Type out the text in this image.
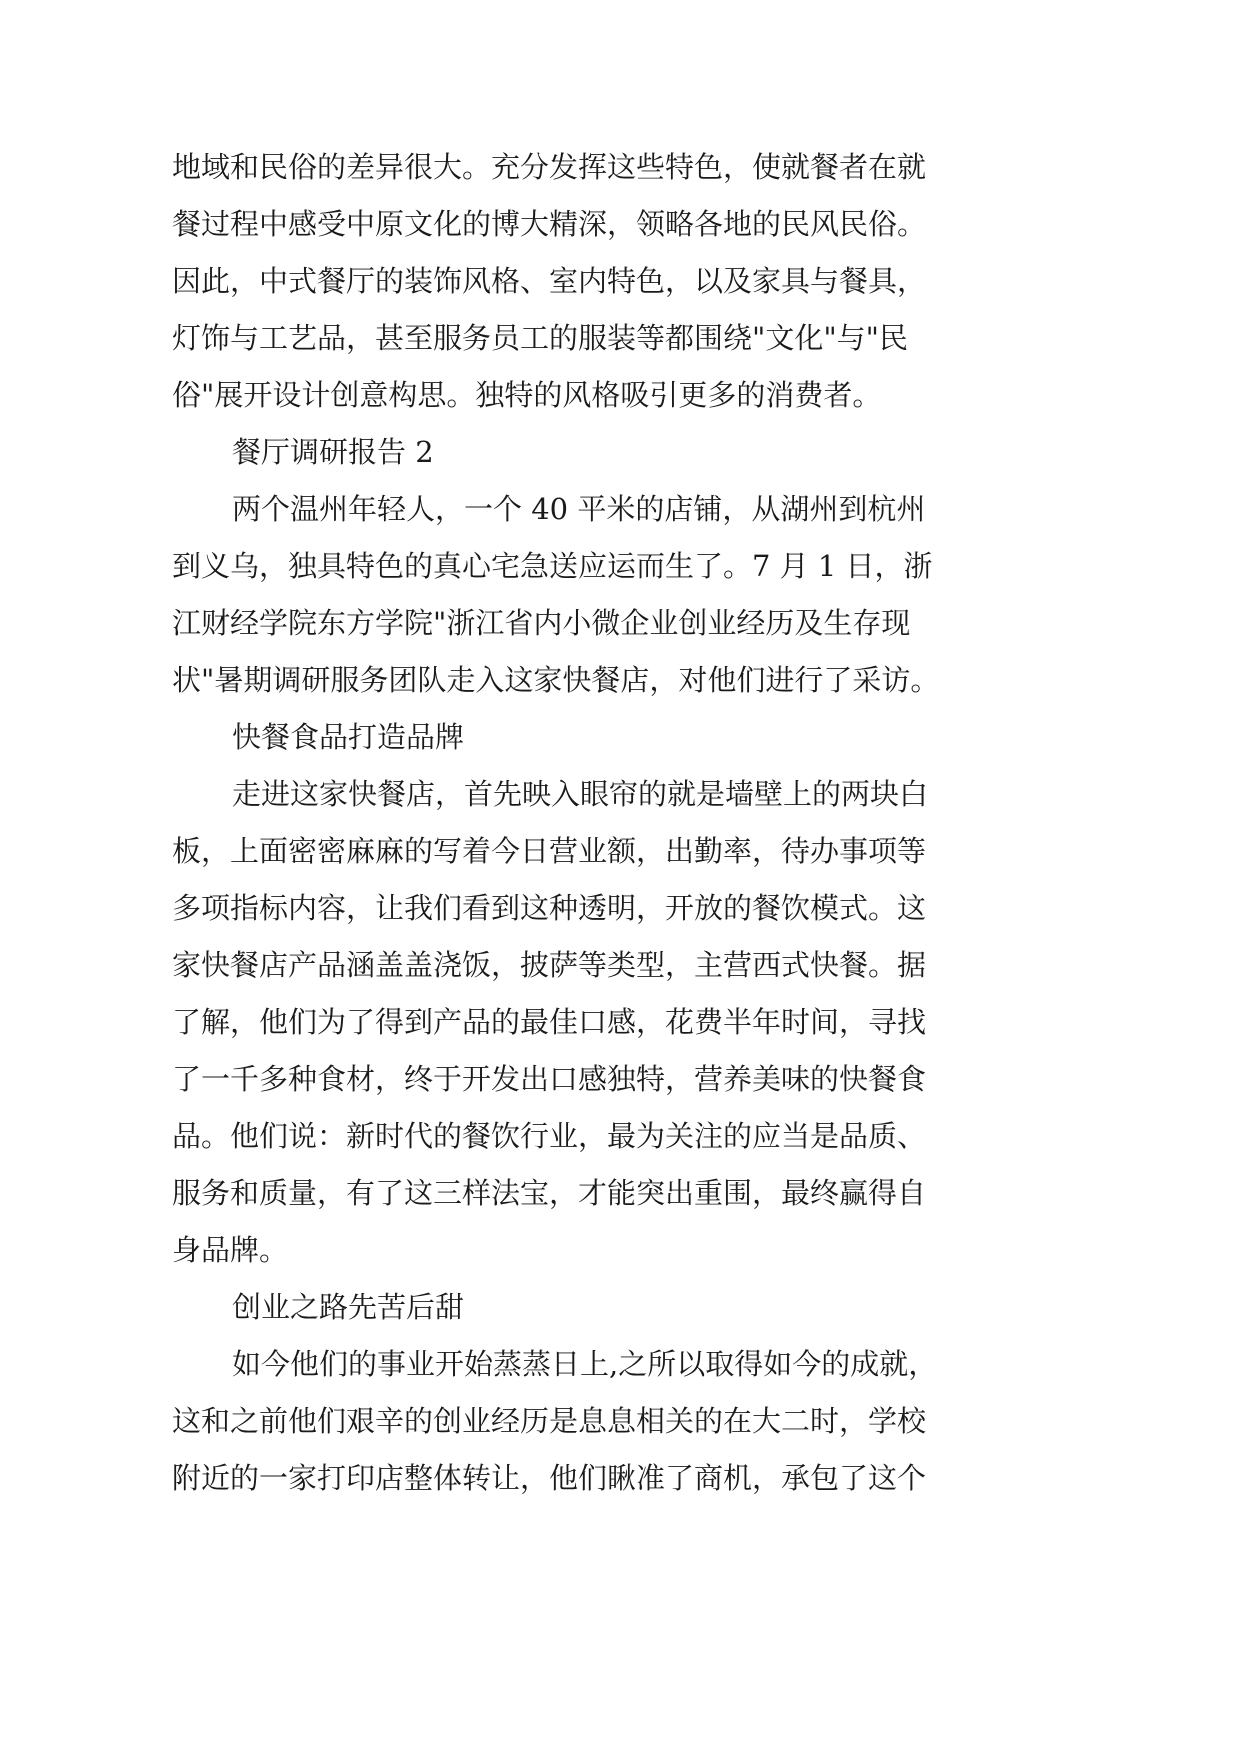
地域和民俗的差异很大。充分发挥这些特色，使就餐者在就
餐过程中感受中原文化的博大精深，领略各地的民风民俗。
因此，中式餐厅的装饰风格、室内特色，以及家具与餐具，
灯饰与工艺品，甚至服务员工的服装等都围绕"文化"与"民
俗"展开设计创意构思。独特的风格吸引更多的消费者。
餐厅调研报告 2
两个温州年轻人，一个 40 平米的店铺，从湖州到杭州
到义乌，独具特色的真心宅急送应运而生了。7 月 1 日，浙
江财经学院东方学院"浙江省内小微企业创业经历及生存现
状"暑期调研服务团队走入这家快餐店，对他们进行了采访。
快餐食品打造品牌
走进这家快餐店，首先映入眼帘的就是墙壁上的两块白
板，上面密密麻麻的写着今日营业额，出勤率，待办事项等
多项指标内容，让我们看到这种透明，开放的餐饮模式。这
家快餐店产品涵盖盖浇饭，披萨等类型，主营西式快餐。据
了解，他们为了得到产品的最佳口感，花费半年时间，寻找
了一千多种食材，终于开发出口感独特，营养美味的快餐食
品。他们说：新时代的餐饮行业，最为关注的应当是品质、
服务和质量，有了这三样法宝，才能突出重围，最终赢得自
身品牌。
创业之路先苦后甜
如今他们的事业开始蒸蒸日上,之所以取得如今的成就，
这和之前他们艰辛的创业经历是息息相关的在大二时，学校
附近的一家打印店整体转让，他们瞅准了商机，承包了这个
